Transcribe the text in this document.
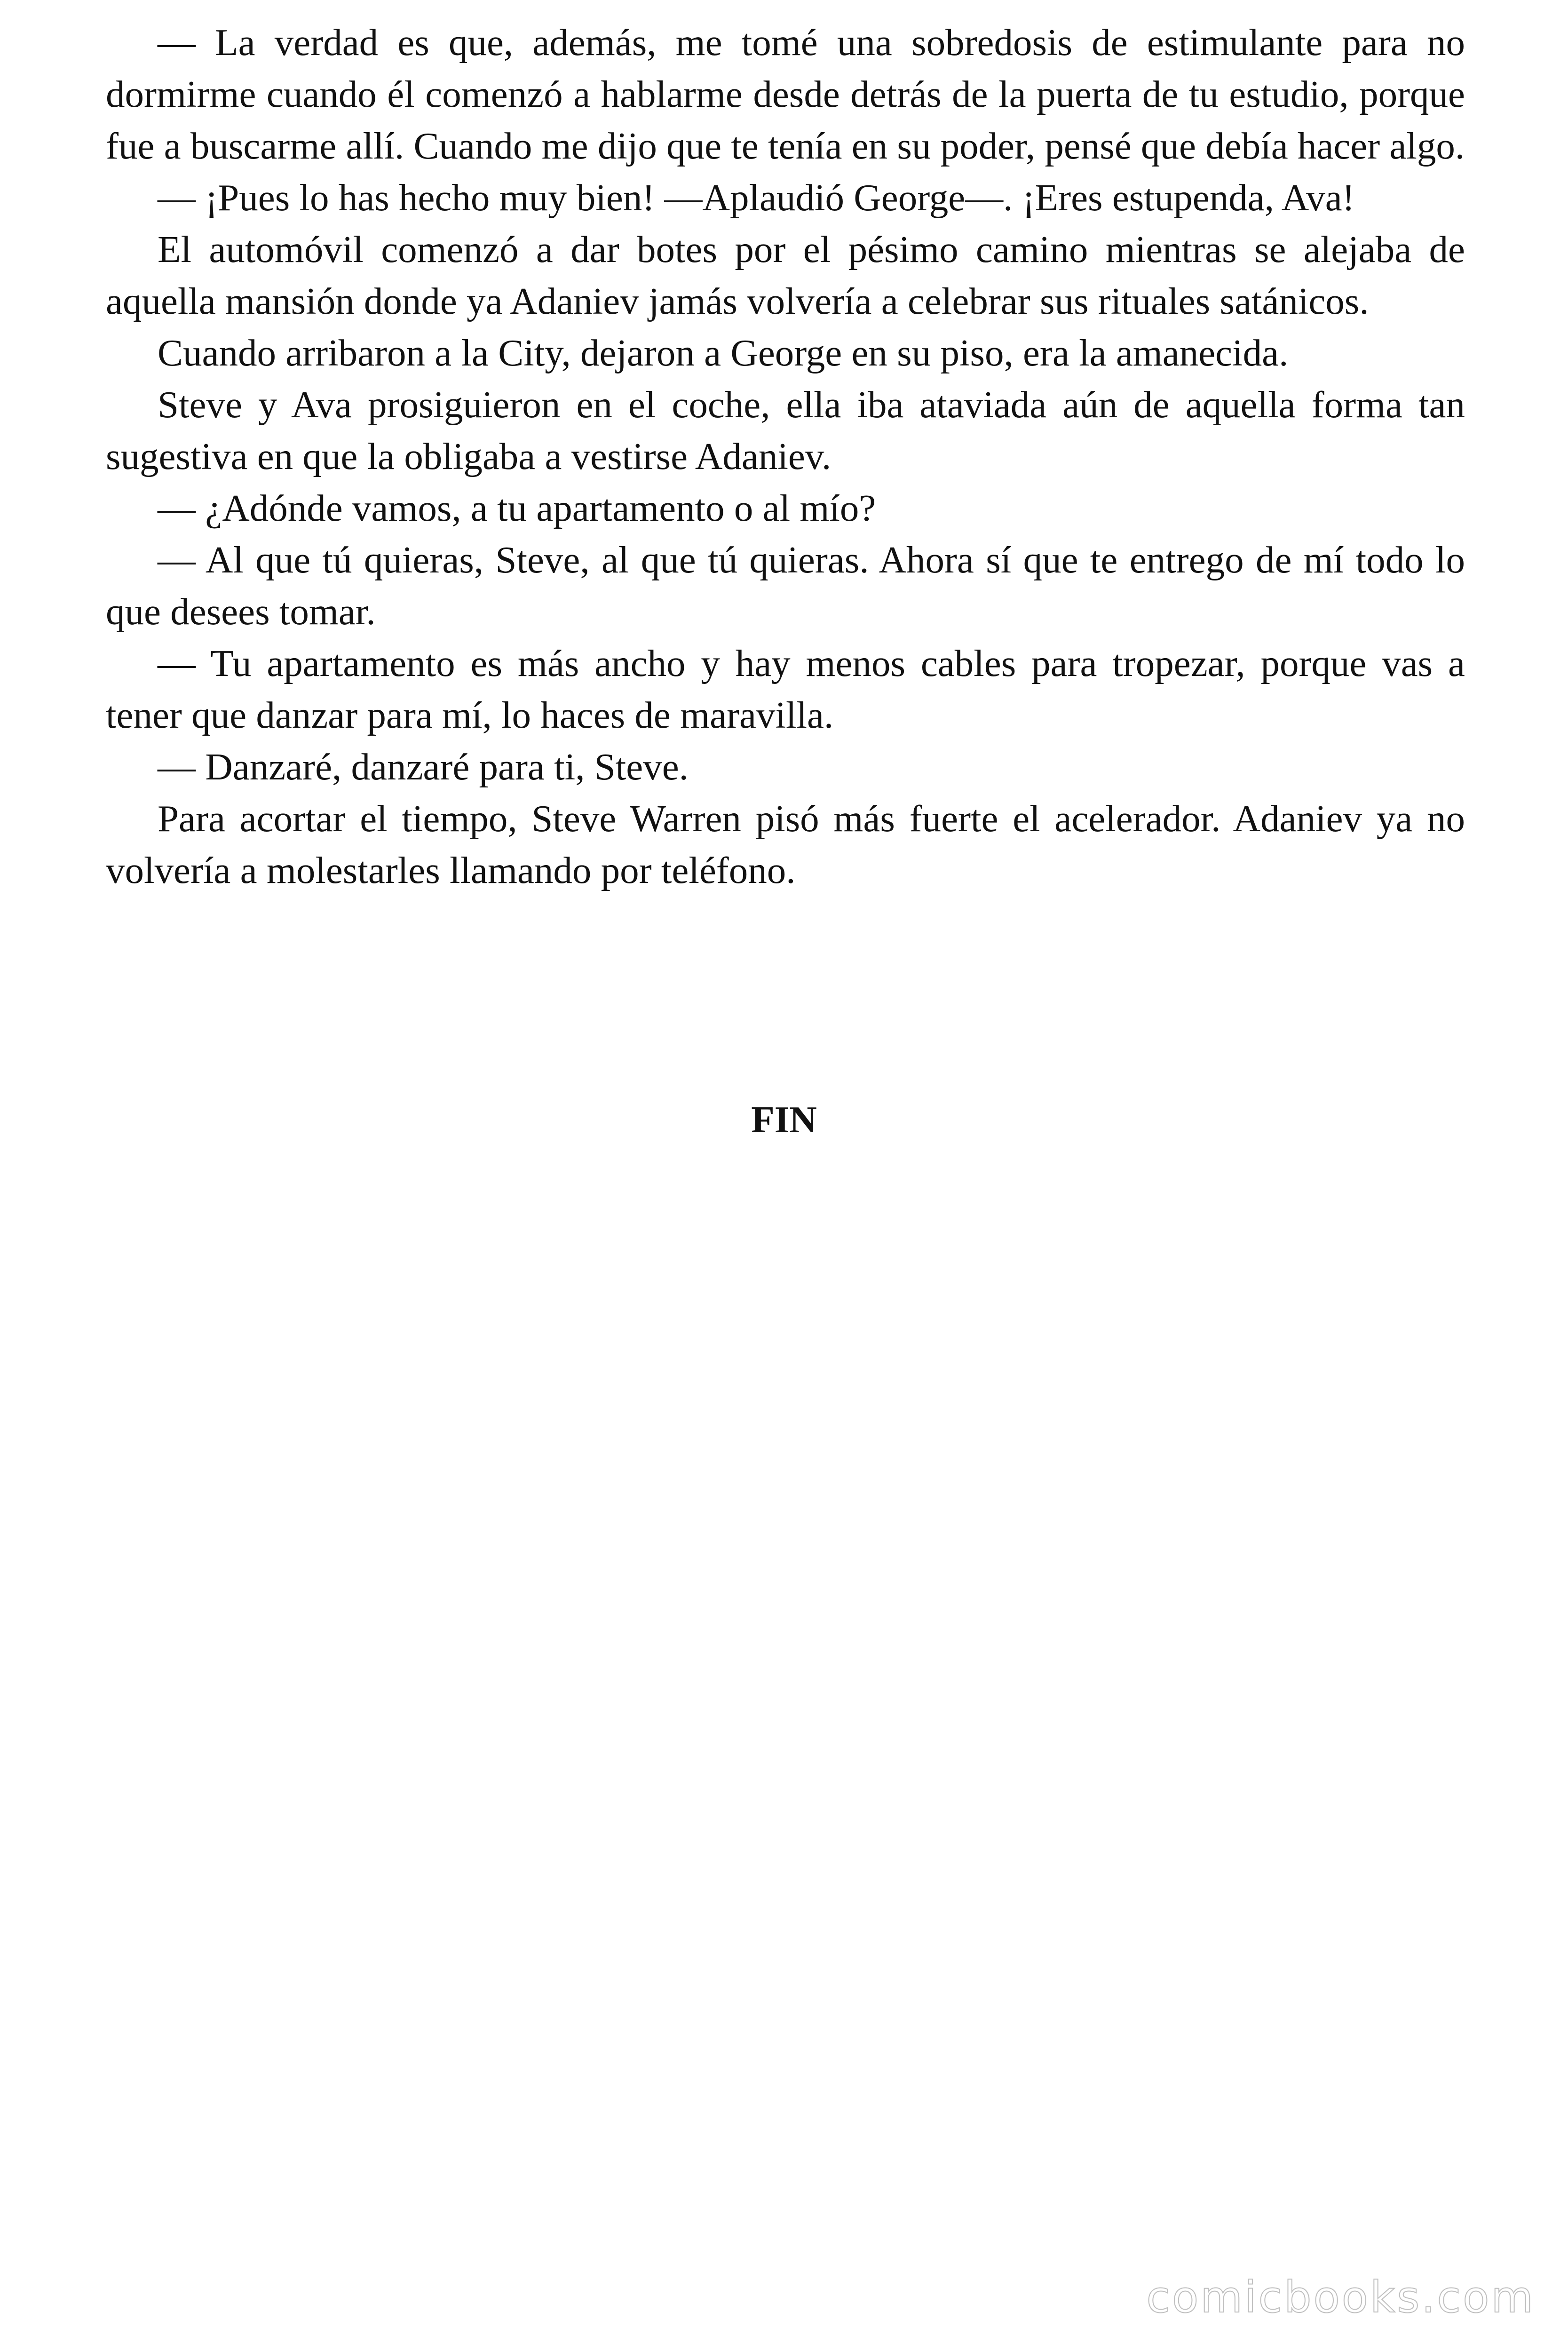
— La verdad es que, además, me tomé una sobredosis de estimulante para no dormirme cuando él comenzó a hablarme desde detrás de la puerta de tu estudio, porque fue a buscarme allí. Cuando me dijo que te tenía en su poder, pensé que debía hacer algo.

— ¡Pues lo has hecho muy bien! —Aplaudió George—. ¡Eres estupenda, Ava!

El automóvil comenzó a dar botes por el pésimo camino mientras se alejaba de aquella mansión donde ya Adaniev jamás volvería a celebrar sus rituales satánicos.

Cuando arribaron a la City, dejaron a George en su piso, era la amanecida.

Steve y Ava prosiguieron en el coche, ella iba ataviada aún de aquella forma tan sugestiva en que la obligaba a vestirse Adaniev.

— ¿Adónde vamos, a tu apartamento o al mío?

— Al que tú quieras, Steve, al que tú quieras. Ahora sí que te entrego de mí todo lo que desees tomar.

— Tu apartamento es más ancho y hay menos cables para tropezar, porque vas a tener que danzar para mí, lo haces de maravilla.

— Danzaré, danzaré para ti, Steve.

Para acortar el tiempo, Steve Warren pisó más fuerte el acelerador. Adaniev ya no volvería a molestarles llamando por teléfono.

FIN

comicbooks.com
